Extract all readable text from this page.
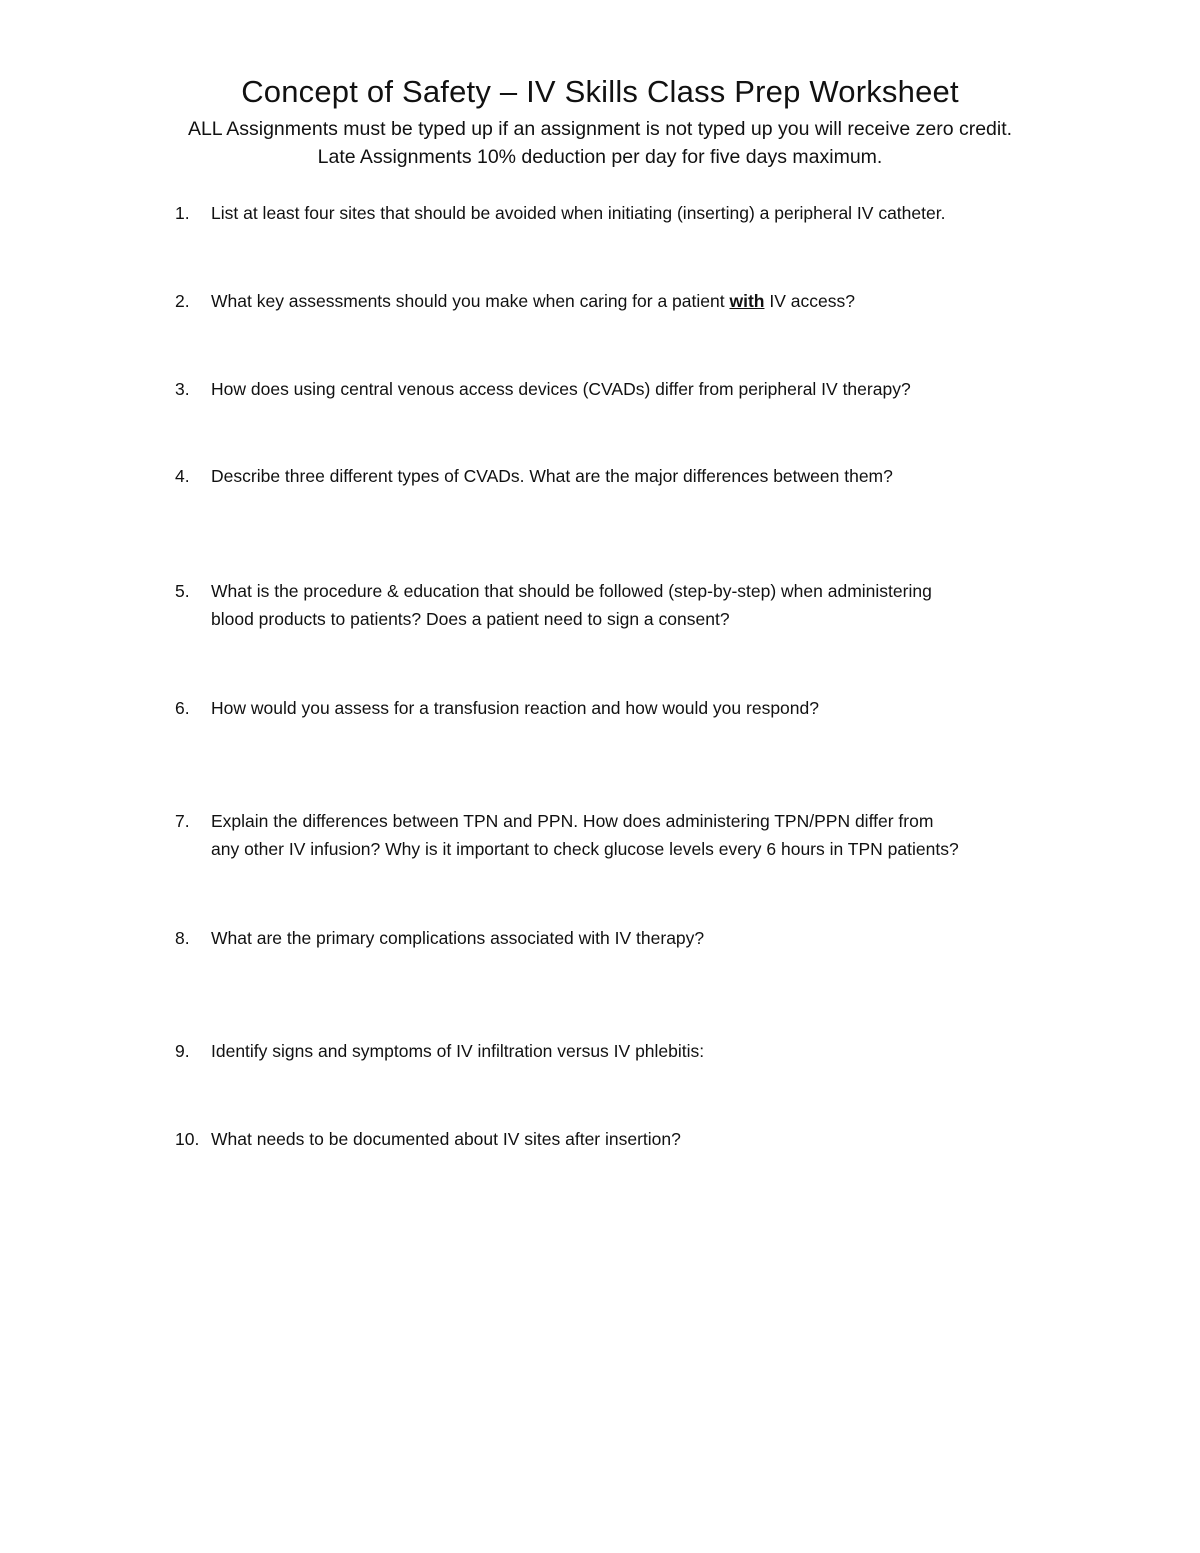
Concept of Safety – IV Skills Class Prep Worksheet
ALL Assignments must be typed up if an assignment is not typed up you will receive zero credit.
Late Assignments 10% deduction per day for five days maximum.
1.	List at least four sites that should be avoided when initiating (inserting) a peripheral IV catheter.
2.	What key assessments should you make when caring for a patient with IV access?
3.	How does using central venous access devices (CVADs) differ from peripheral IV therapy?
4.	Describe three different types of CVADs. What are the major differences between them?
5.	What is the procedure & education that should be followed (step-by-step) when administering
blood products to patients? Does a patient need to sign a consent?
6.	How would you assess for a transfusion reaction and how would you respond?
7.	Explain the differences between TPN and PPN. How does administering TPN/PPN differ from
any other IV infusion? Why is it important to check glucose levels every 6 hours in TPN patients?
8.	What are the primary complications associated with IV therapy?
9.	Identify signs and symptoms of IV infiltration versus IV phlebitis:
10. What needs to be documented about IV sites after insertion?
